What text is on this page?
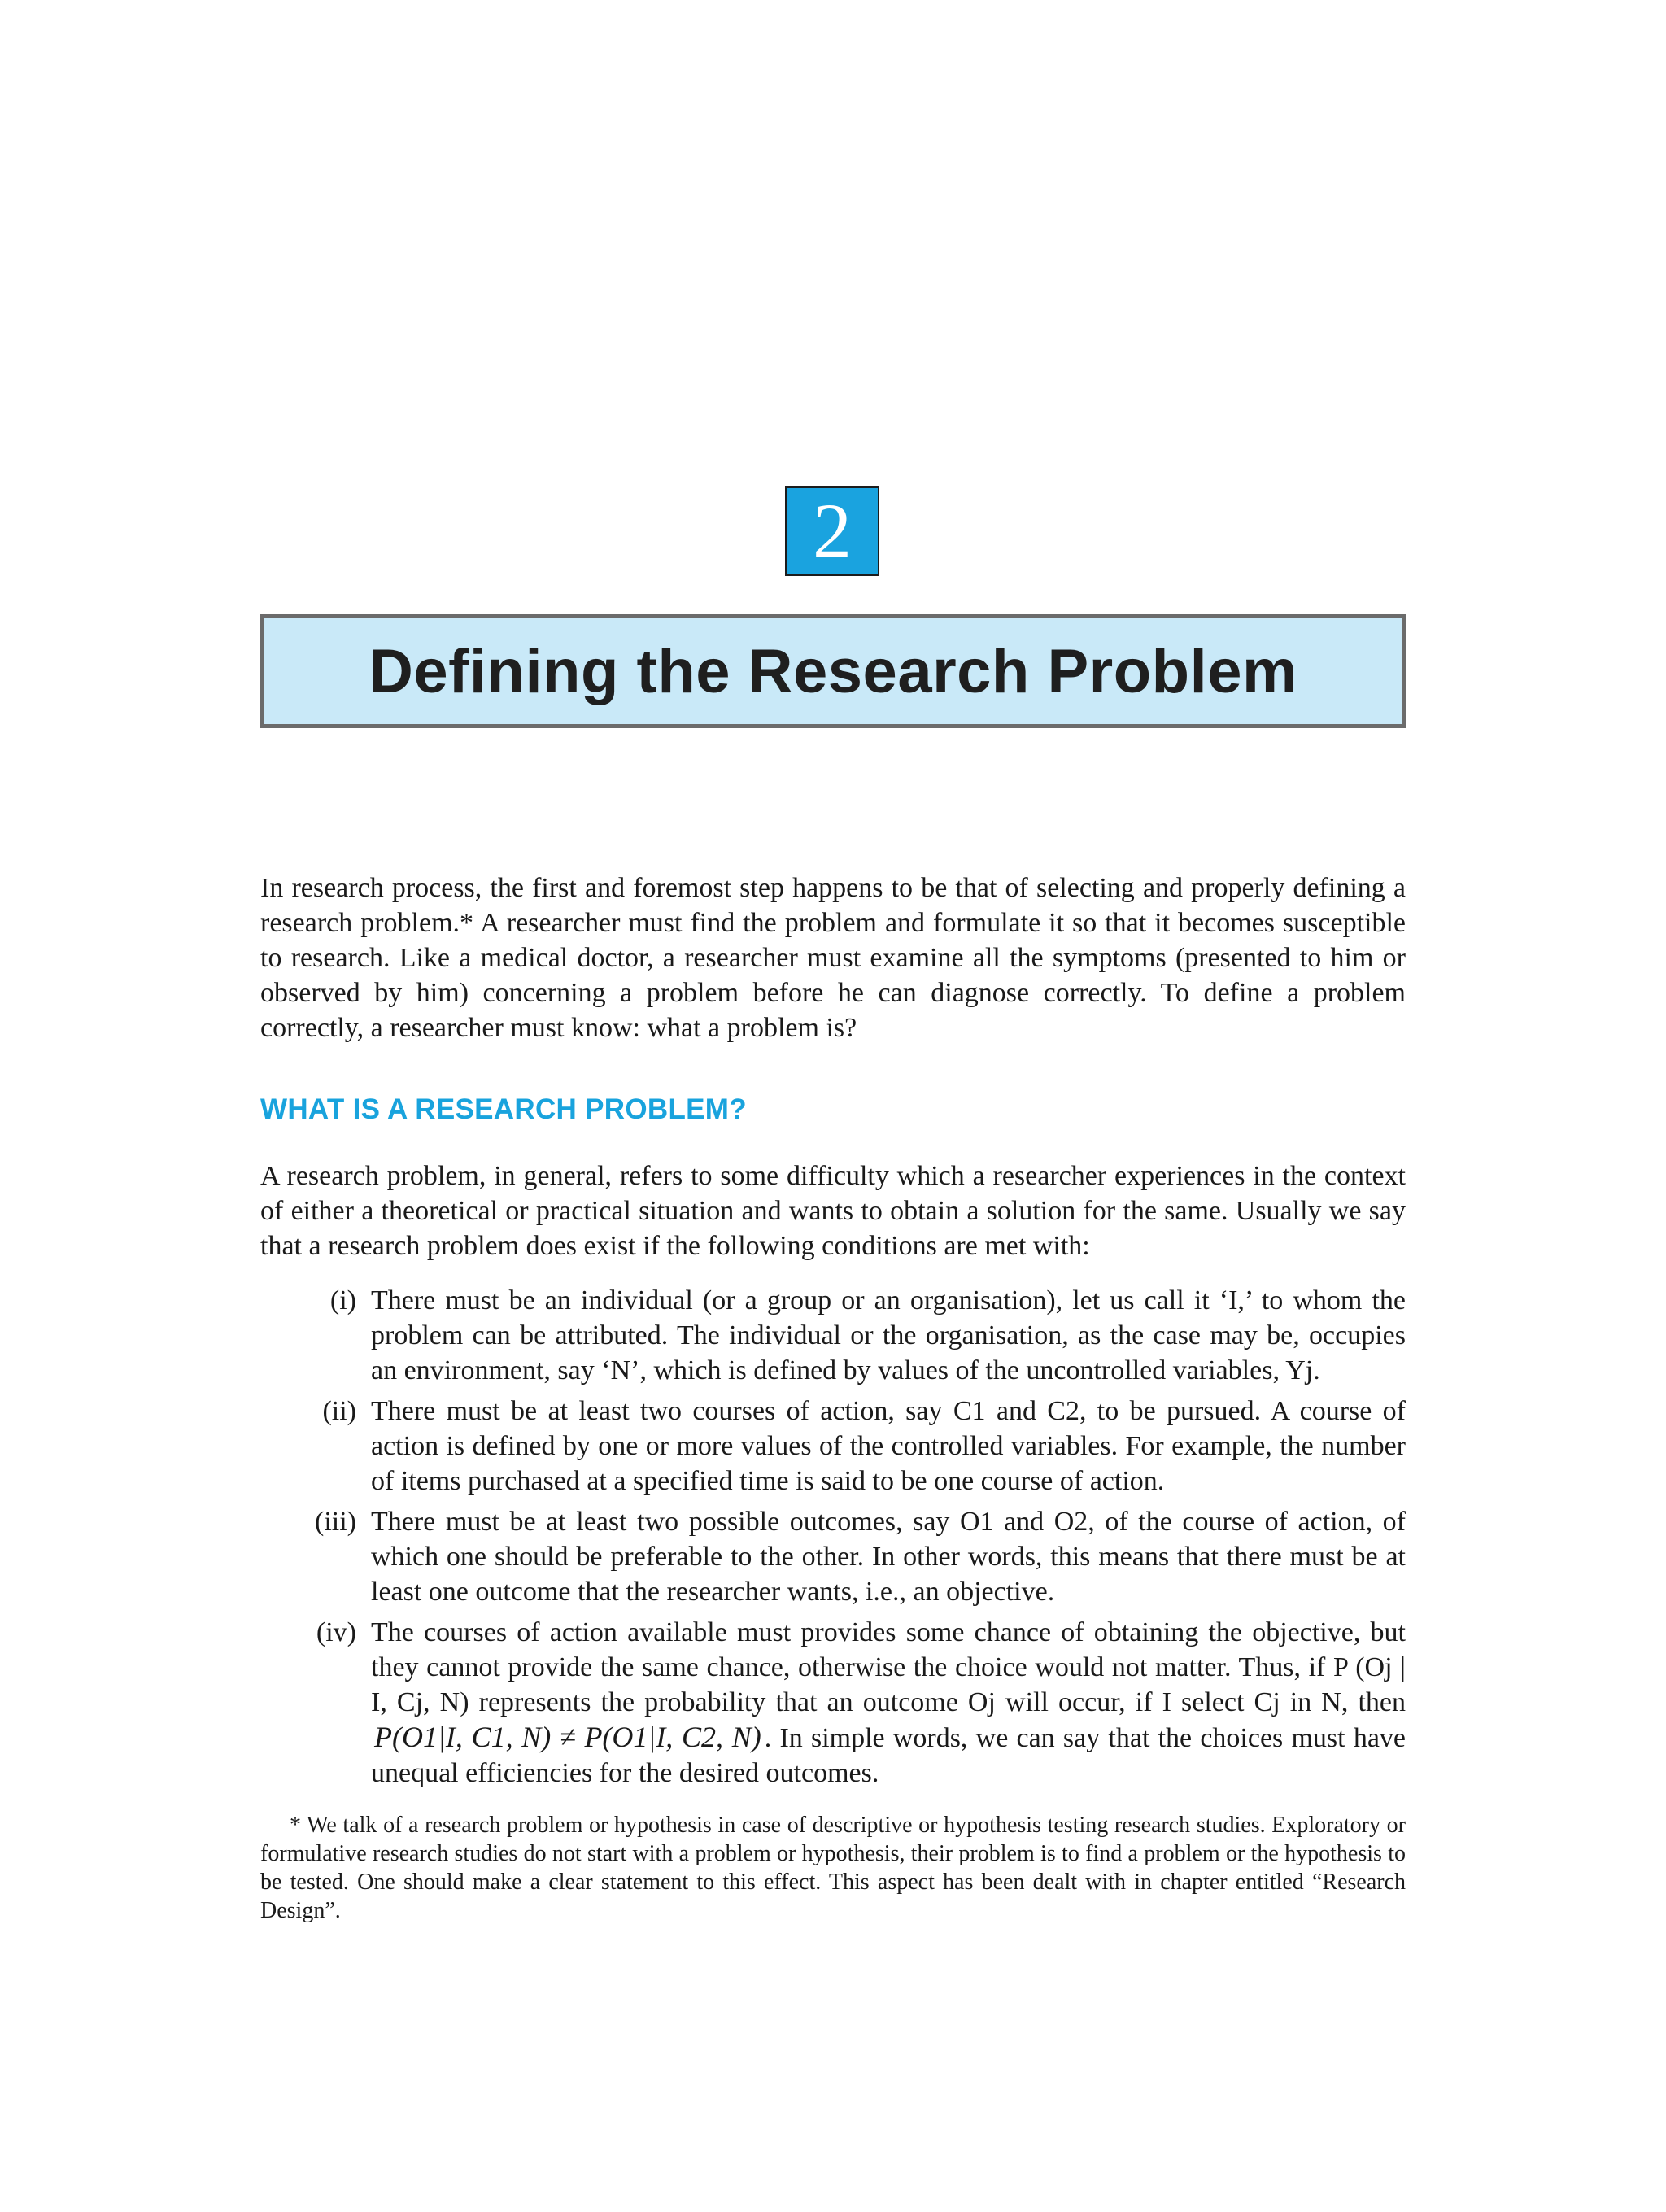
2
Defining the Research Problem

In research process, the first and foremost step happens to be that of selecting and properly defining a research problem.* A researcher must find the problem and formulate it so that it becomes susceptible to research. Like a medical doctor, a researcher must examine all the symptoms (presented to him or observed by him) concerning a problem before he can diagnose correctly. To define a problem correctly, a researcher must know: what a problem is?

WHAT IS A RESEARCH PROBLEM?

A research problem, in general, refers to some difficulty which a researcher experiences in the context of either a theoretical or practical situation and wants to obtain a solution for the same. Usually we say that a research problem does exist if the following conditions are met with:

(i) There must be an individual (or a group or an organisation), let us call it ‘I,’ to whom the problem can be attributed. The individual or the organisation, as the case may be, occupies an environment, say ‘N’, which is defined by values of the uncontrolled variables, Yj.
(ii) There must be at least two courses of action, say C1 and C2, to be pursued. A course of action is defined by one or more values of the controlled variables. For example, the number of items purchased at a specified time is said to be one course of action.
(iii) There must be at least two possible outcomes, say O1 and O2, of the course of action, of which one should be preferable to the other. In other words, this means that there must be at least one outcome that the researcher wants, i.e., an objective.
(iv) The courses of action available must provides some chance of obtaining the objective, but they cannot provide the same chance, otherwise the choice would not matter. Thus, if P (Oj | I, Cj, N) represents the probability that an outcome Oj will occur, if I select Cj in N, then P(O1|I, C1, N) ≠ P(O1|I, C2, N) . In simple words, we can say that the choices must have unequal efficiencies for the desired outcomes.

* We talk of a research problem or hypothesis in case of descriptive or hypothesis testing research studies. Exploratory or formulative research studies do not start with a problem or hypothesis, their problem is to find a problem or the hypothesis to be tested. One should make a clear statement to this effect. This aspect has been dealt with in chapter entitled “Research Design”.
